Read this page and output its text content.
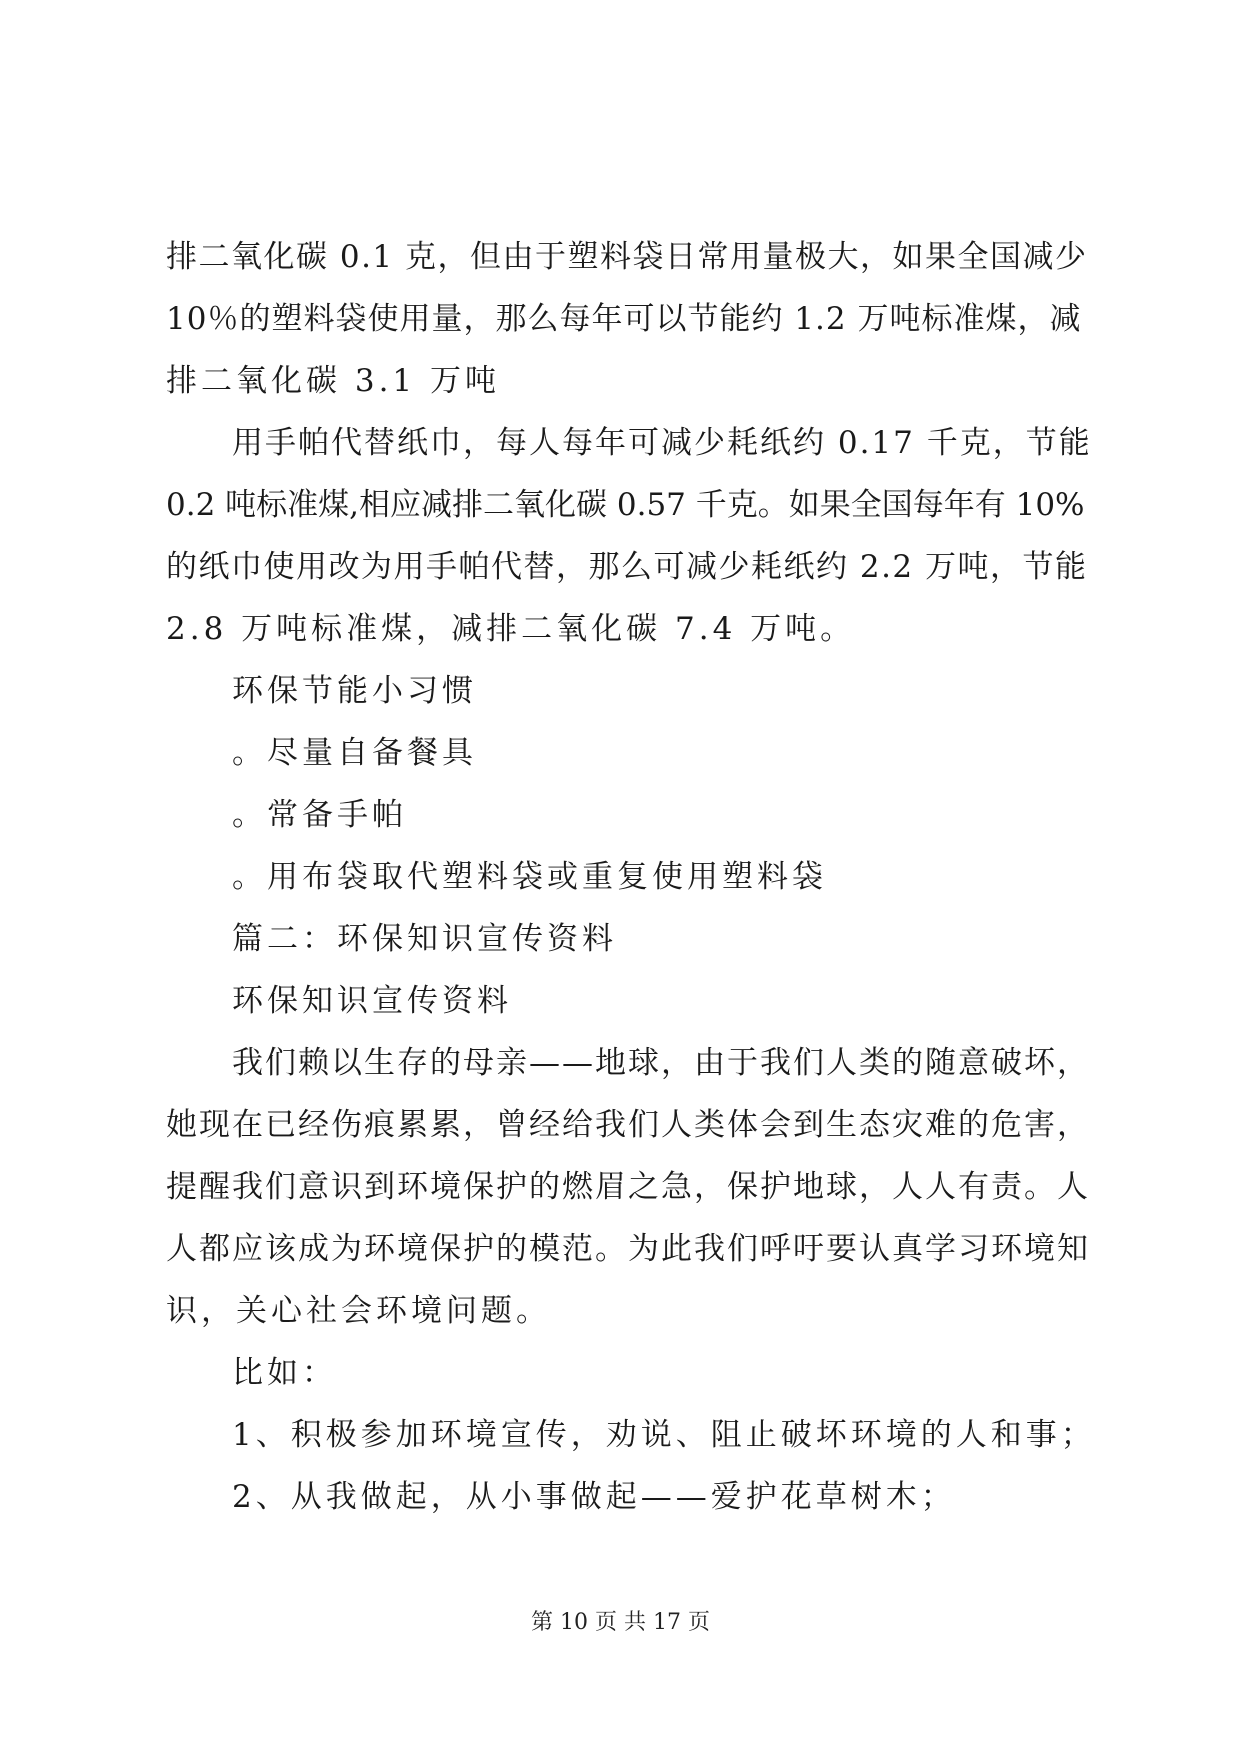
排二氧化碳 0.1 克，但由于塑料袋日常用量极大，如果全国减少
10％的塑料袋使用量，那么每年可以节能约 1.2 万吨标准煤，减
排二氧化碳 3.1 万吨
用手帕代替纸巾，每人每年可减少耗纸约 0.17 千克，节能
0.2 吨标准煤,相应减排二氧化碳 0.57 千克。如果全国每年有 10%
的纸巾使用改为用手帕代替，那么可减少耗纸约 2.2 万吨，节能
2.8 万吨标准煤，减排二氧化碳 7.4 万吨。
环保节能小习惯
。尽量自备餐具
。常备手帕
。用布袋取代塑料袋或重复使用塑料袋
篇二：环保知识宣传资料
环保知识宣传资料
我们赖以生存的母亲——地球，由于我们人类的随意破坏，
她现在已经伤痕累累，曾经给我们人类体会到生态灾难的危害，
提醒我们意识到环境保护的燃眉之急，保护地球，人人有责。人
人都应该成为环境保护的模范。为此我们呼吁要认真学习环境知
识，关心社会环境问题。
比如：
1、积极参加环境宣传，劝说、阻止破坏环境的人和事；
2、从我做起，从小事做起——爱护花草树木；
第 10 页 共 17 页
